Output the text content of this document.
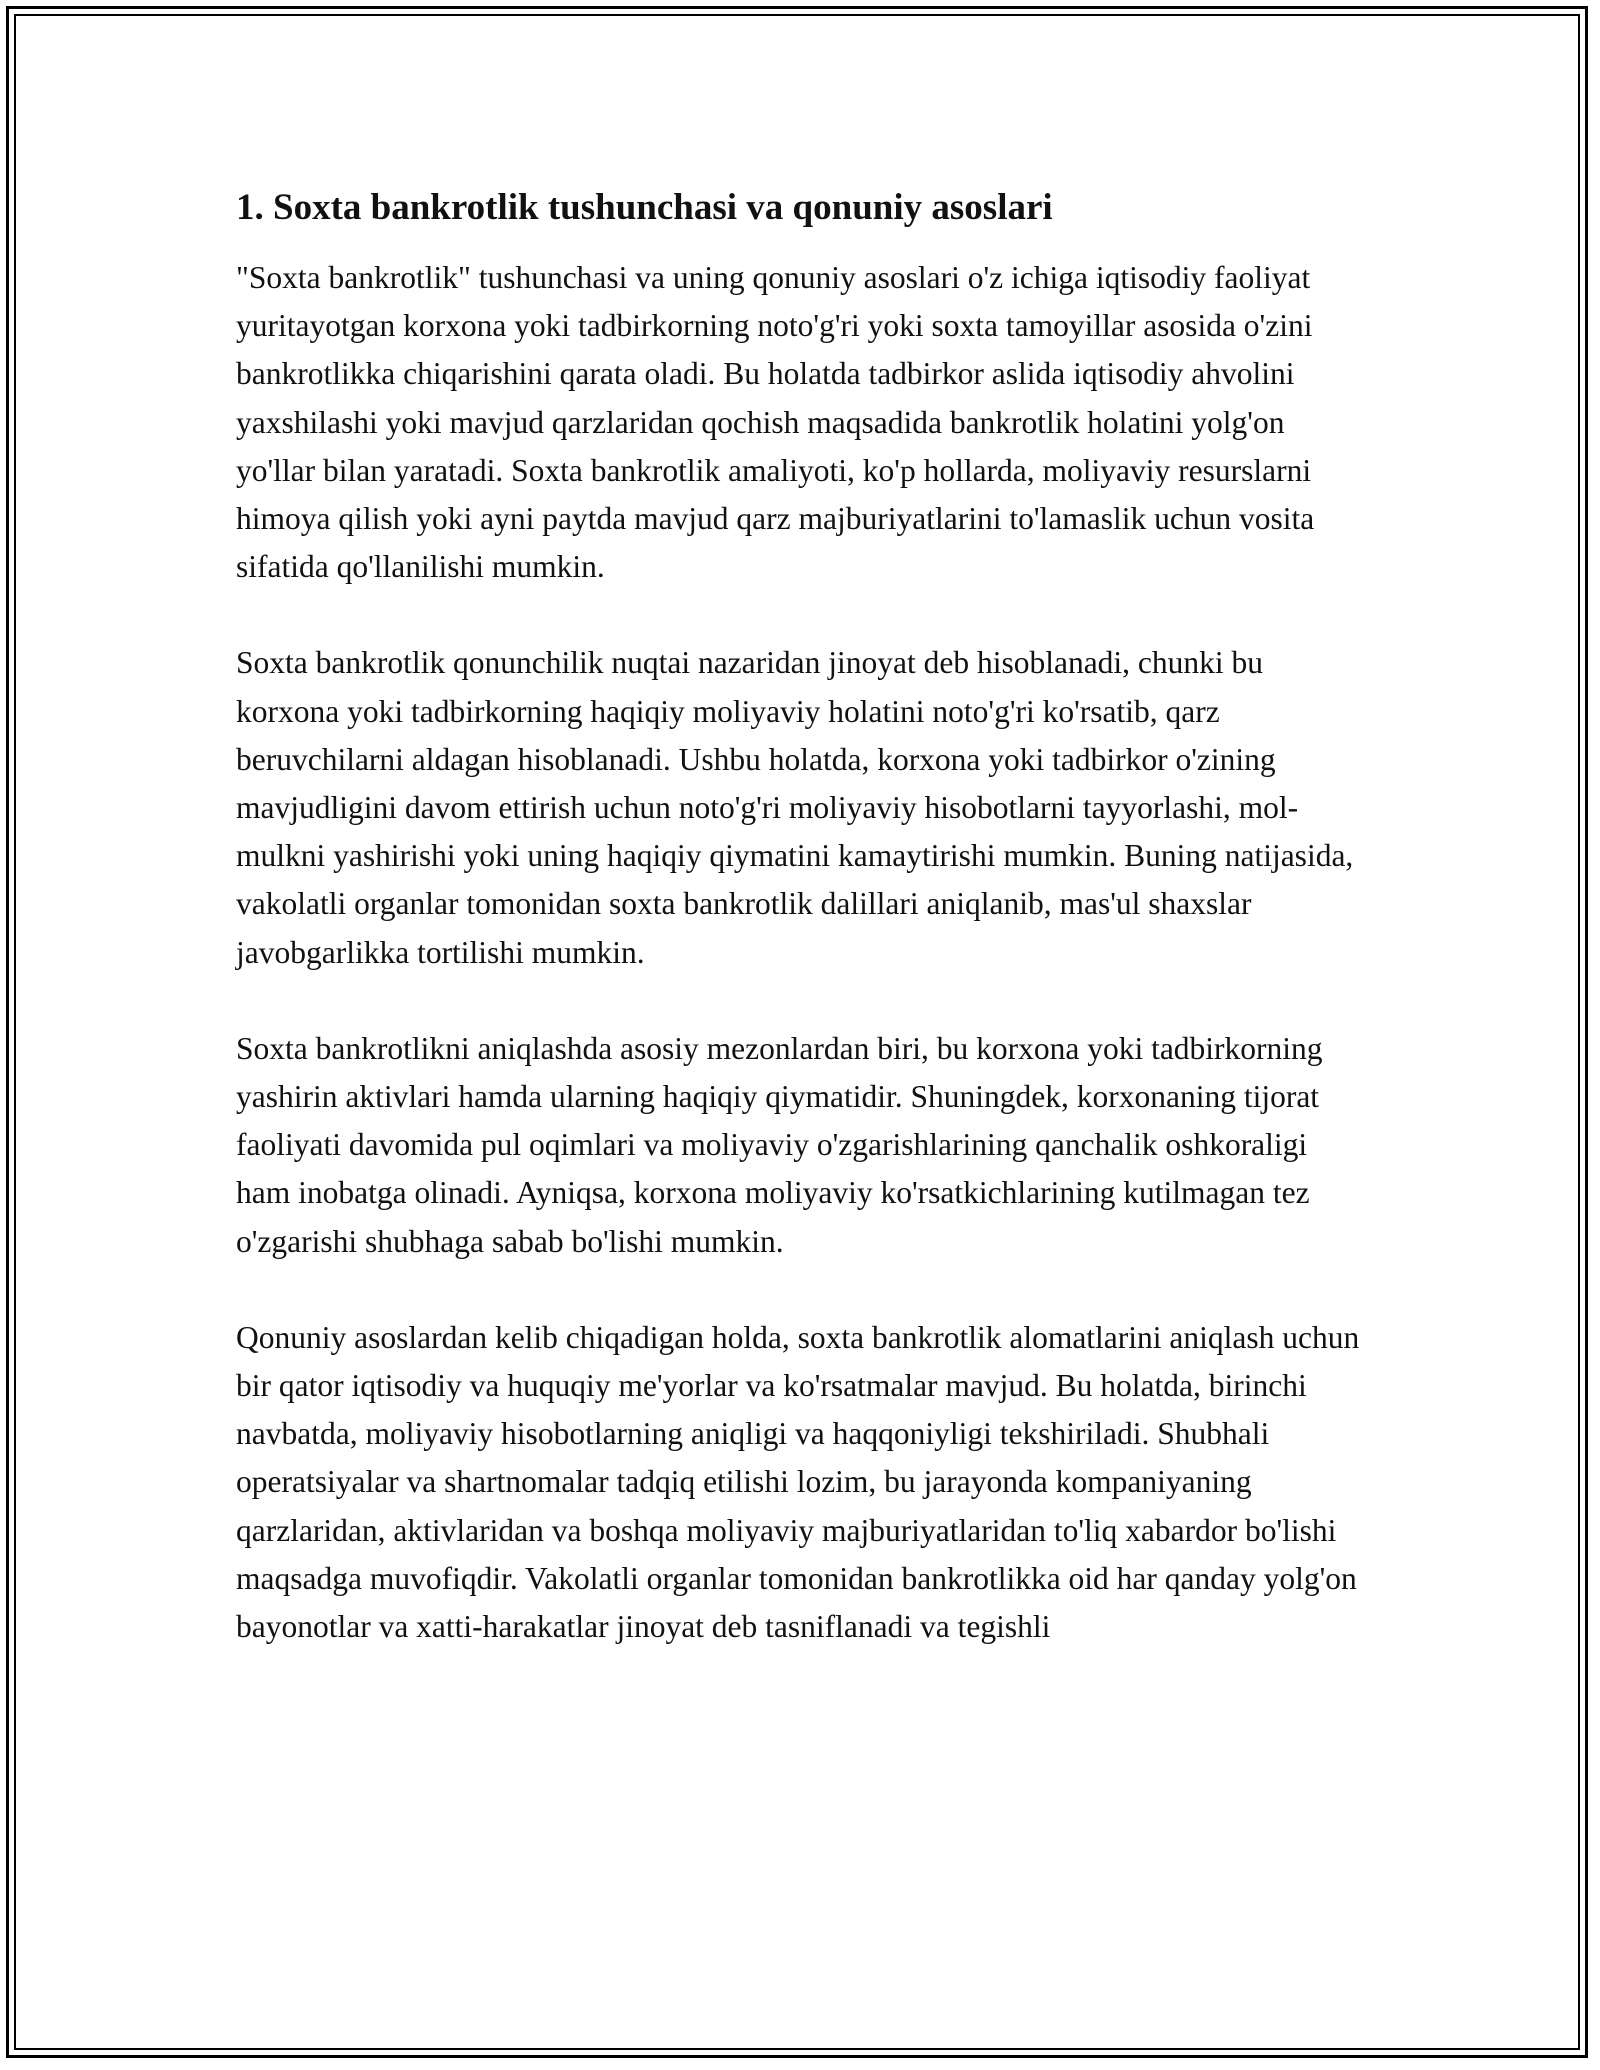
1. Soxta bankrotlik tushunchasi va qonuniy asoslari

"Soxta bankrotlik" tushunchasi va uning qonuniy asoslari o'z ichiga iqtisodiy faoliyat yuritayotgan korxona yoki tadbirkorning noto'g'ri yoki soxta tamoyillar asosida o'zini bankrotlikka chiqarishini qarata oladi. Bu holatda tadbirkor aslida iqtisodiy ahvolini yaxshilashi yoki mavjud qarzlaridan qochish maqsadida bankrotlik holatini yolg'on yo'llar bilan yaratadi. Soxta bankrotlik amaliyoti, ko'p hollarda, moliyaviy resurslarni himoya qilish yoki ayni paytda mavjud qarz majburiyatlarini to'lamaslik uchun vosita sifatida qo'llanilishi mumkin.

Soxta bankrotlik qonunchilik nuqtai nazaridan jinoyat deb hisoblanadi, chunki bu korxona yoki tadbirkorning haqiqiy moliyaviy holatini noto'g'ri ko'rsatib, qarz beruvchilarni aldagan hisoblanadi. Ushbu holatda, korxona yoki tadbirkor o'zining mavjudligini davom ettirish uchun noto'g'ri moliyaviy hisobotlarni tayyorlashi, mol-mulkni yashirishi yoki uning haqiqiy qiymatini kamaytirishi mumkin. Buning natijasida, vakolatli organlar tomonidan soxta bankrotlik dalillari aniqlanib, mas'ul shaxslar javobgarlikka tortilishi mumkin.

Soxta bankrotlikni aniqlashda asosiy mezonlardan biri, bu korxona yoki tadbirkorning yashirin aktivlari hamda ularning haqiqiy qiymatidir. Shuningdek, korxonaning tijorat faoliyati davomida pul oqimlari va moliyaviy o'zgarishlarining qanchalik oshkoraligi ham inobatga olinadi. Ayniqsa, korxona moliyaviy ko'rsatkichlarining kutilmagan tez o'zgarishi shubhaga sabab bo'lishi mumkin.

Qonuniy asoslardan kelib chiqadigan holda, soxta bankrotlik alomatlarini aniqlash uchun bir qator iqtisodiy va huquqiy me'yorlar va ko'rsatmalar mavjud. Bu holatda, birinchi navbatda, moliyaviy hisobotlarning aniqligi va haqqoniyligi tekshiriladi. Shubhali operatsiyalar va shartnomalar tadqiq etilishi lozim, bu jarayonda kompaniyaning qarzlaridan, aktivlaridan va boshqa moliyaviy majburiyatlaridan to'liq xabardor bo'lishi maqsadga muvofiqdir. Vakolatli organlar tomonidan bankrotlikka oid har qanday yolg'on bayonotlar va xatti-harakatlar jinoyat deb tasniflanadi va tegishli
